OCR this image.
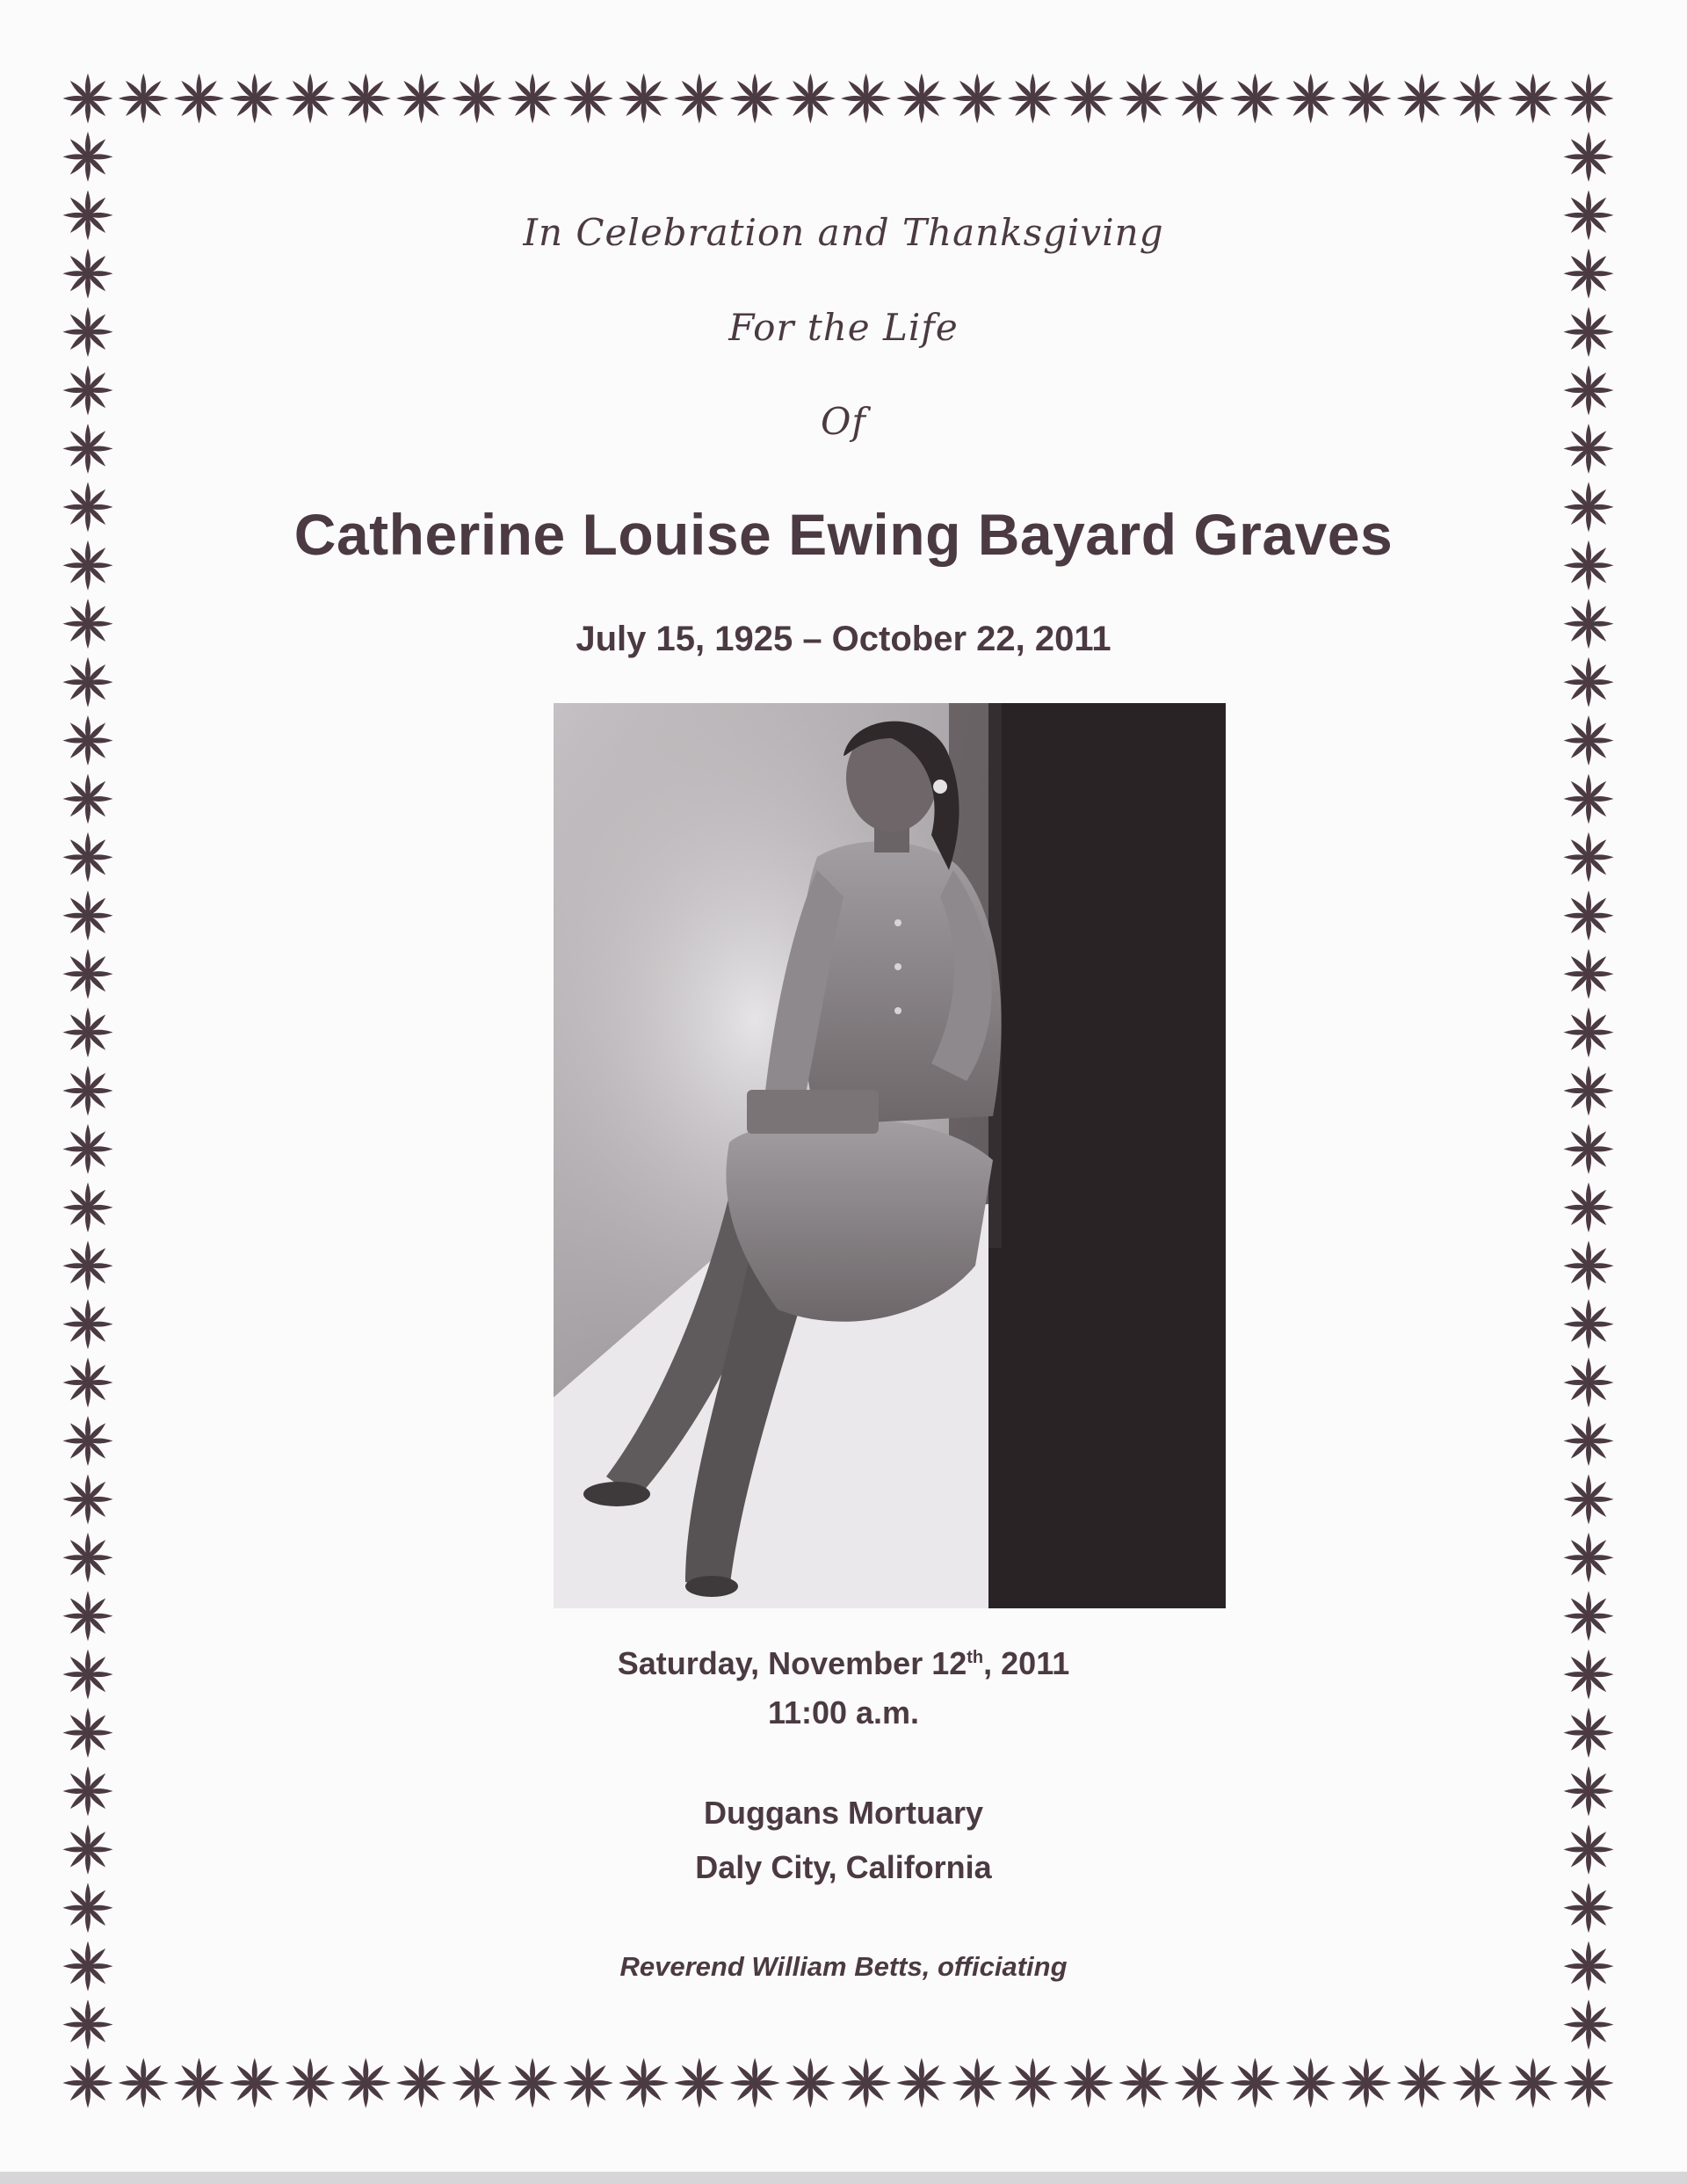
In Celebration and Thanksgiving
For the Life
Of
Catherine Louise Ewing Bayard Graves
July 15, 1925 – October 22, 2011
Saturday, November 12th, 2011
11:00 a.m.
Duggans Mortuary
Daly City, California
Reverend William Betts, officiating
